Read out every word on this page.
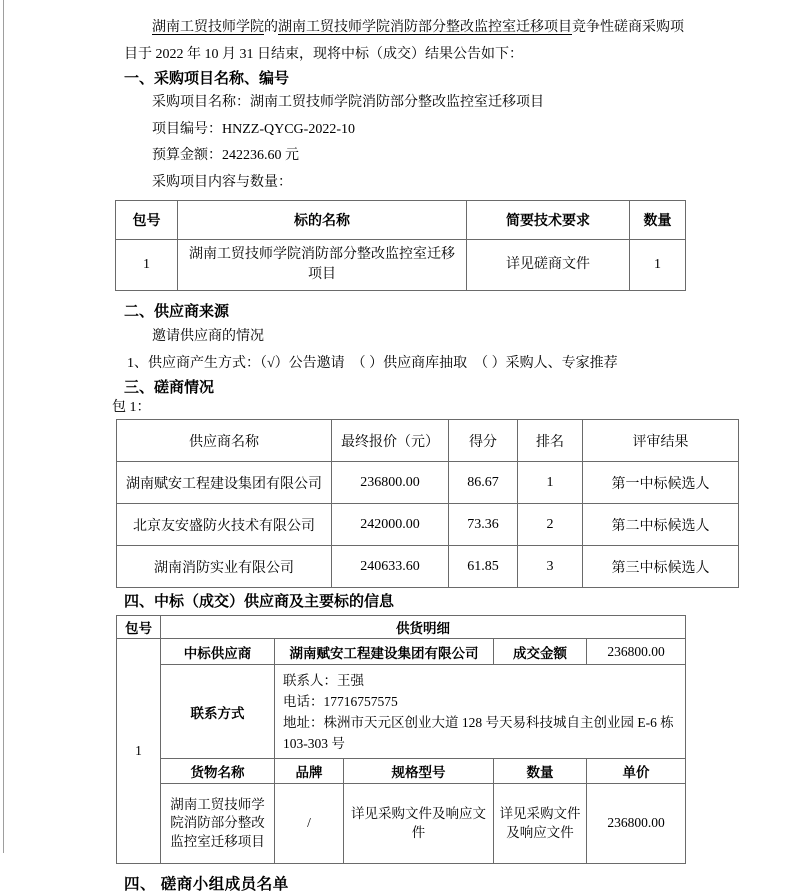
湖南工贸技师学院的湖南工贸技师学院消防部分整改监控室迁移项目竞争性磋商采购项目于 2022 年 10 月 31 日结束，现将中标（成交）结果公告如下：

一、采购项目名称、编号

采购项目名称：湖南工贸技师学院消防部分整改监控室迁移项目

项目编号：HNZZ-QYCG-2022-10

预算金额：242236.60 元

采购项目内容与数量：

包号	标的名称	简要技术要求	数量
1	湖南工贸技师学院消防部分整改监控室迁移项目	详见磋商文件	1

二、供应商来源

邀请供应商的情况

1、供应商产生方式：（√）公告邀请  （ ）供应商库抽取  （ ）采购人、专家推荐

三、磋商情况

包 1：

供应商名称	最终报价（元）	得分	排名	评审结果
湖南赋安工程建设集团有限公司	236800.00	86.67	1	第一中标候选人
北京友安盛防火技术有限公司	242000.00	73.36	2	第二中标候选人
湖南消防实业有限公司	240633.60	61.85	3	第三中标候选人

四、中标（成交）供应商及主要标的信息

包号	供货明细				
1	中标供应商	湖南赋安工程建设集团有限公司		成交金额	236800.00
	联系方式	联系人：王强
电话：17716757575
地址：株洲市天元区创业大道 128 号天易科技城自主创业园 E-6 栋 103-303 号			

	货物名称	品牌	规格型号	数量	单价
	湖南工贸技师学院消防部分整改监控室迁移项目	/	详见采购文件及响应文件	详见采购文件及响应文件	236800.00

四、 磋商小组成员名单
